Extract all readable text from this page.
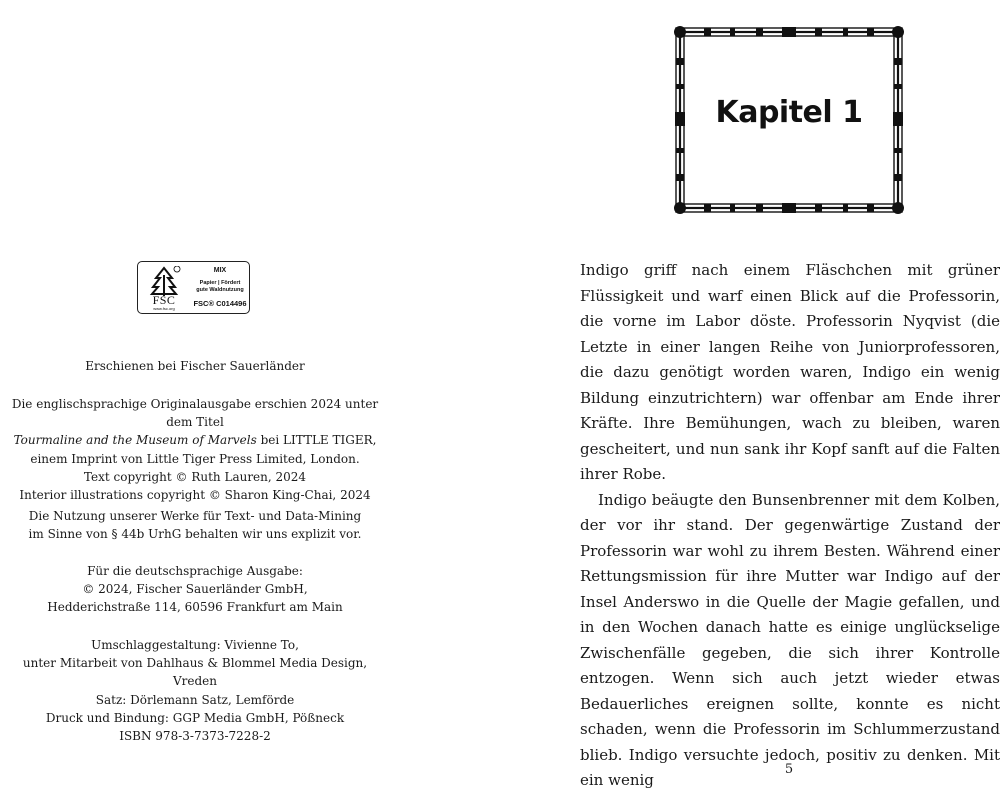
FSC
www.fsc.org
MIX
Papier | Fördert
gute Waldnutzung
FSC® C014496

Erschienen bei Fischer Sauerländer

Die englischsprachige Originalausgabe erschien 2024 unter dem Titel

Tourmaline and the Museum of Marvels bei LITTLE TIGER,

einem Imprint von Little Tiger Press Limited, London.

Text copyright © Ruth Lauren, 2024

Interior illustrations copyright © Sharon King-Chai, 2024

Die Nutzung unserer Werke für Text- und Data-Mining

im Sinne von § 44b UrhG behalten wir uns explizit vor.

Für die deutschsprachige Ausgabe:

© 2024, Fischer Sauerländer GmbH,

Hedderichstraße 114, 60596 Frankfurt am Main

Umschlaggestaltung: Vivienne To,

unter Mitarbeit von Dahlhaus & Blommel Media Design, Vreden

Satz: Dörlemann Satz, Lemförde

Druck und Bindung: GGP Media GmbH, Pößneck

ISBN 978-3-7373-7228-2

Kapitel 1

Indigo griff nach einem Fläschchen mit grüner Flüssigkeit und warf einen Blick auf die Professorin, die vorne im Labor döste. Professorin Nyqvist (die Letzte in einer langen Reihe von Juniorprofessoren, die dazu genötigt worden waren, Indigo ein wenig Bildung einzutrichtern) war offenbar am Ende ihrer Kräfte. Ihre Bemühungen, wach zu bleiben, waren gescheitert, und nun sank ihr Kopf sanft auf die Falten ihrer Robe.

Indigo beäugte den Bunsenbrenner mit dem Kolben, der vor ihr stand. Der gegenwärtige Zustand der Professorin war wohl zu ihrem Besten. Während einer Rettungsmission für ihre Mutter war Indigo auf der Insel Anderswo in die Quelle der Magie gefallen, und in den Wochen danach hatte es einige unglückselige Zwischenfälle gegeben, die sich ihrer Kontrolle entzogen. Wenn sich auch jetzt wieder etwas Bedauerliches ereignen sollte, konnte es nicht schaden, wenn die Professorin im Schlummerzustand blieb. Indigo versuchte jedoch, positiv zu denken. Mit ein wenig

5
